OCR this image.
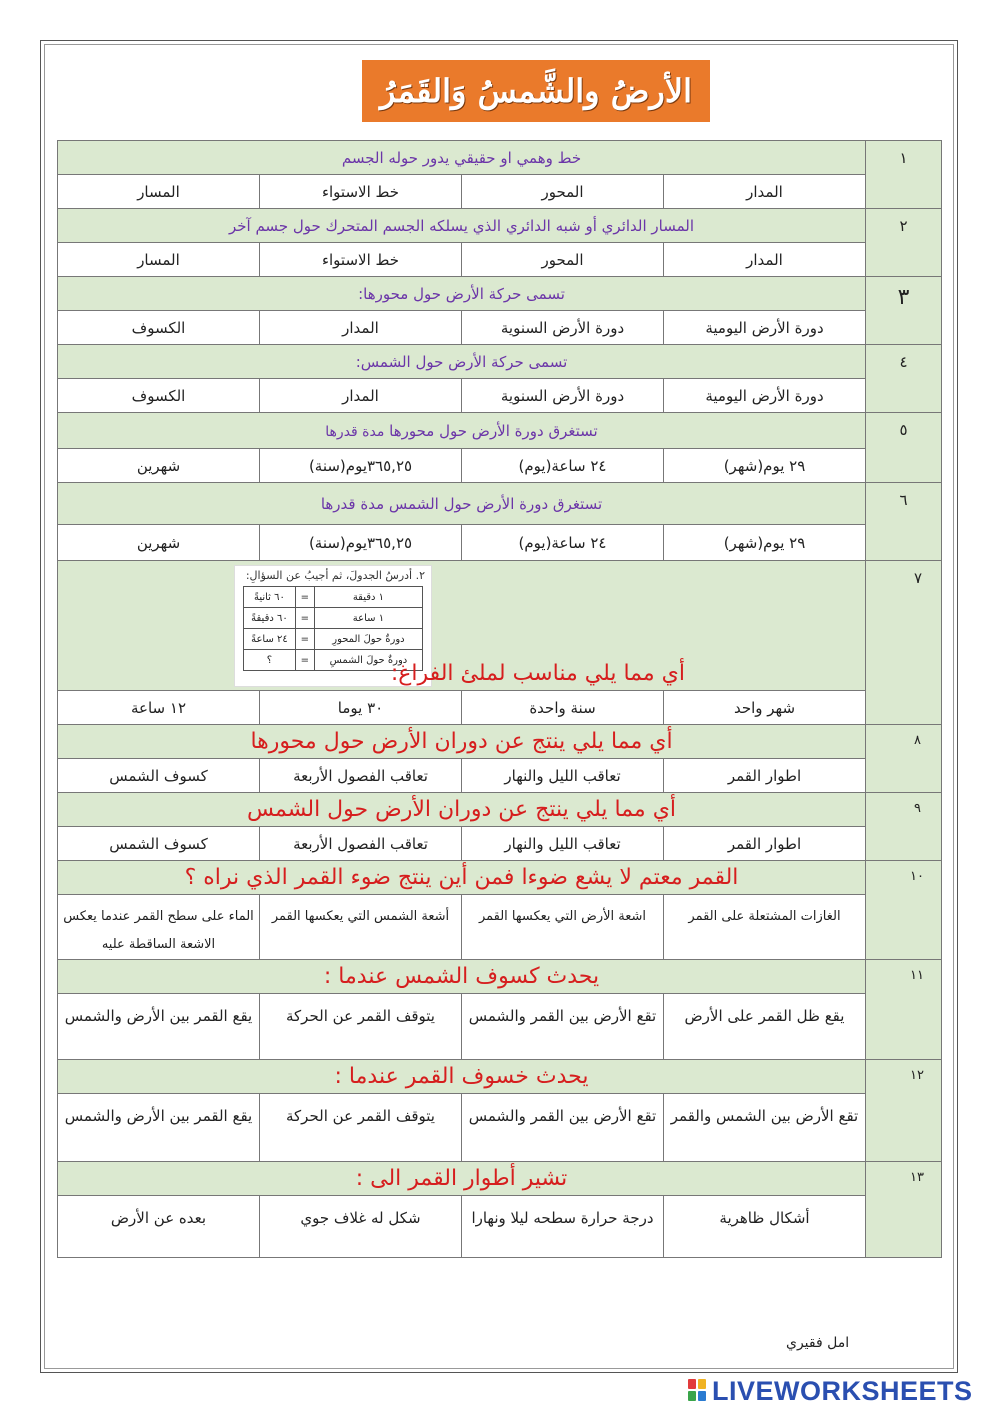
الأرضُ والشَّمسُ وَالقَمَرُ
١
	خط وهمي او حقيقي يدور حوله الجسم
المدار	المحور	خط الاستواء	المسار

٢
	المسار الدائري أو شبه الدائري الذي يسلكه الجسم المتحرك حول جسم آخر
المدار	المحور	خط الاستواء	المسار

٣
	تسمى حركة الأرض حول محورها:
دورة الأرض اليومية	دورة الأرض السنوية	المدار	الكسوف

٤
	تسمى حركة الأرض حول الشمس:
دورة الأرض اليومية	دورة الأرض السنوية	المدار	الكسوف

٥
	تستغرق دورة الأرض حول محورها مدة قدرها
٢٩ يوم(شهر)	٢٤ ساعة(يوم)	٣٦٥,٢٥يوم(سنة)	شهرين

٦
	تستغرق دورة الأرض حول الشمس مدة قدرها
٢٩ يوم(شهر)	٢٤ ساعة(يوم)	٣٦٥,٢٥يوم(سنة)	شهرين

٧

٢. أدرسُ الجدولَ، ثم أجيبُ عن السؤالِ:
١ دقيقة	=	٦٠ ثانيةً
١ ساعة	=	٦٠ دقيقةً
دورةٌ حولَ المحورِ	=	٢٤ ساعةً
دورةٌ حولَ الشمسِ	=	؟
أي مما يلي مناسب لملئ الفراغ:

شهر واحد	سنة واحدة	٣٠ يوما	١٢ ساعة

٨
	أي مما يلي ينتج عن دوران الأرض حول محورها
اطوار القمر	تعاقب الليل والنهار	تعاقب الفصول الأربعة	كسوف الشمس

٩
	أي مما يلي ينتج عن دوران الأرض حول الشمس
اطوار القمر	تعاقب الليل والنهار	تعاقب الفصول الأربعة	كسوف الشمس

١٠
	القمر معتم لا يشع ضوءا فمن أين ينتج ضوء القمر الذي نراه ؟
الغازات المشتعلة على القمر	اشعة الأرض التي يعكسها القمر	أشعة الشمس التي يعكسها القمر	الماء على سطح القمر عندما يعكس الاشعة الساقطة عليه

١١
	يحدث كسوف الشمس عندما :
يقع ظل القمر على الأرض	تقع الأرض بين القمر والشمس	يتوقف القمر عن الحركة	يقع القمر بين الأرض والشمس

١٢
	يحدث خسوف القمر عندما :
تقع الأرض بين الشمس والقمر	تقع الأرض بين القمر والشمس	يتوقف القمر عن الحركة	يقع القمر بين الأرض والشمس

١٣
	تشير أطوار القمر الى :
أشكال ظاهرية	درجة حرارة سطحه ليلا ونهارا	شكل له غلاف جوي	بعده عن الأرض
امل فقيري
LIVEWORKSHEETS
